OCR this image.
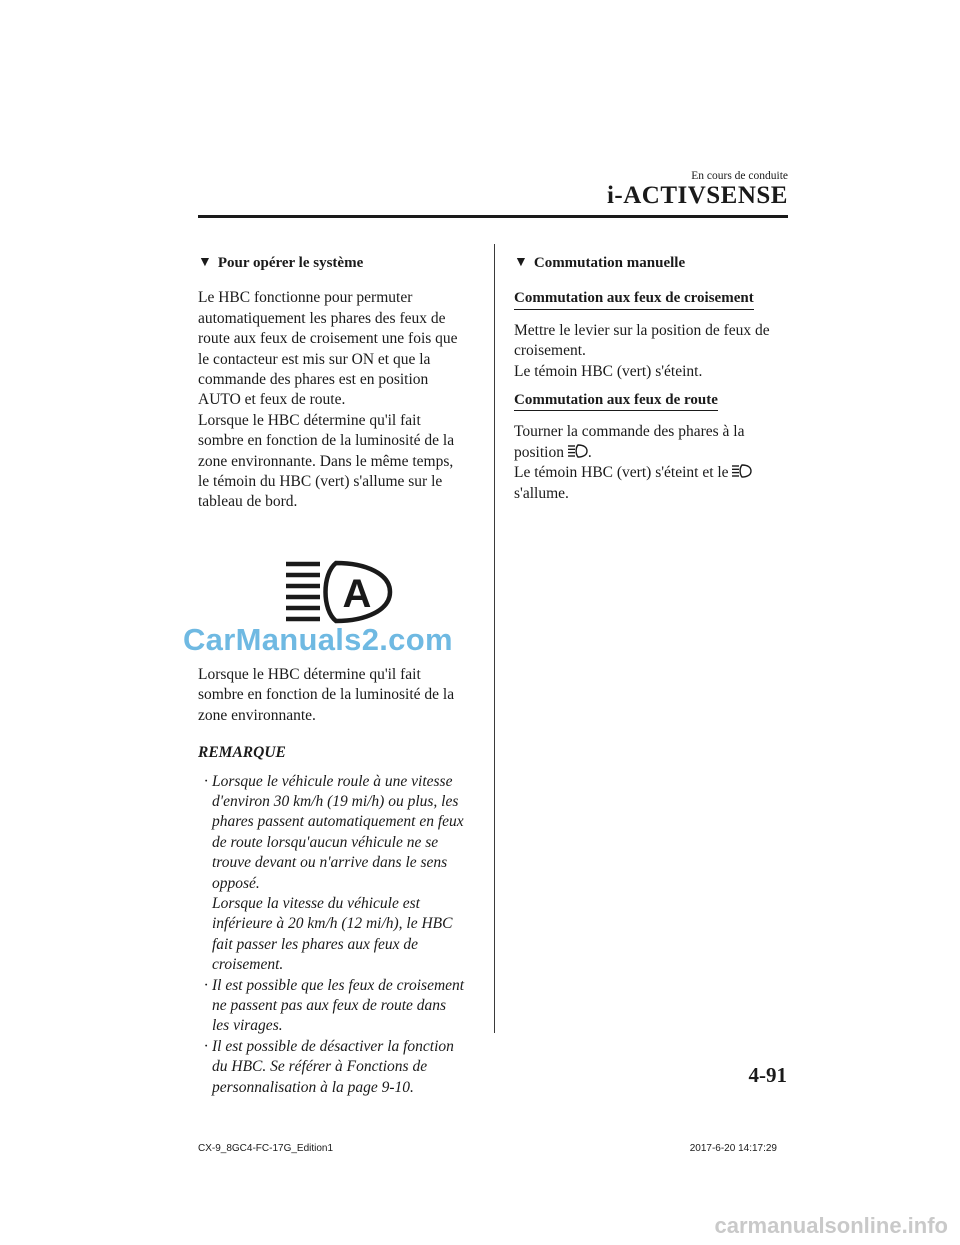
En cours de conduite
i-ACTIVSENSE
▼ Pour opérer le système

Le HBC fonctionne pour permuter

automatiquement les phares des feux de

route aux feux de croisement une fois que

le contacteur est mis sur ON et que la

commande des phares est en position

AUTO et feux de route.

Lorsque le HBC détermine qu'il fait

sombre en fonction de la luminosité de la

zone environnante. Dans le même temps,

le témoin du HBC (vert) s'allume sur le

tableau de bord.

A

Lorsque le HBC détermine qu'il fait

sombre en fonction de la luminosité de la

zone environnante.

REMARQUE
· Lorsque le véhicule roule à une vitesse

d'environ 30 km/h (19 mi/h) ou plus, les

phares passent automatiquement en feux

de route lorsqu'aucun véhicule ne se

trouve devant ou n'arrive dans le sens

opposé.

Lorsque la vitesse du véhicule est

inférieure à 20 km/h (12 mi/h), le HBC

fait passer les phares aux feux de

croisement.

· Il est possible que les feux de croisement

ne passent pas aux feux de route dans

les virages.

· Il est possible de désactiver la fonction

du HBC. Se référer à Fonctions de

personnalisation à la page 9-10.

▼ Commutation manuelle
Commutation aux feux de croisement

Mettre le levier sur la position de feux de

croisement.

Le témoin HBC (vert) s'éteint.

Commutation aux feux de route

Tourner la commande des phares à la

position .

Le témoin HBC (vert) s'éteint et le

s'allume.

CarManuals2.com
4-91
CX-9_8GC4-FC-17G_Edition1	2017-6-20 14:17:29
carmanualsonline.info
